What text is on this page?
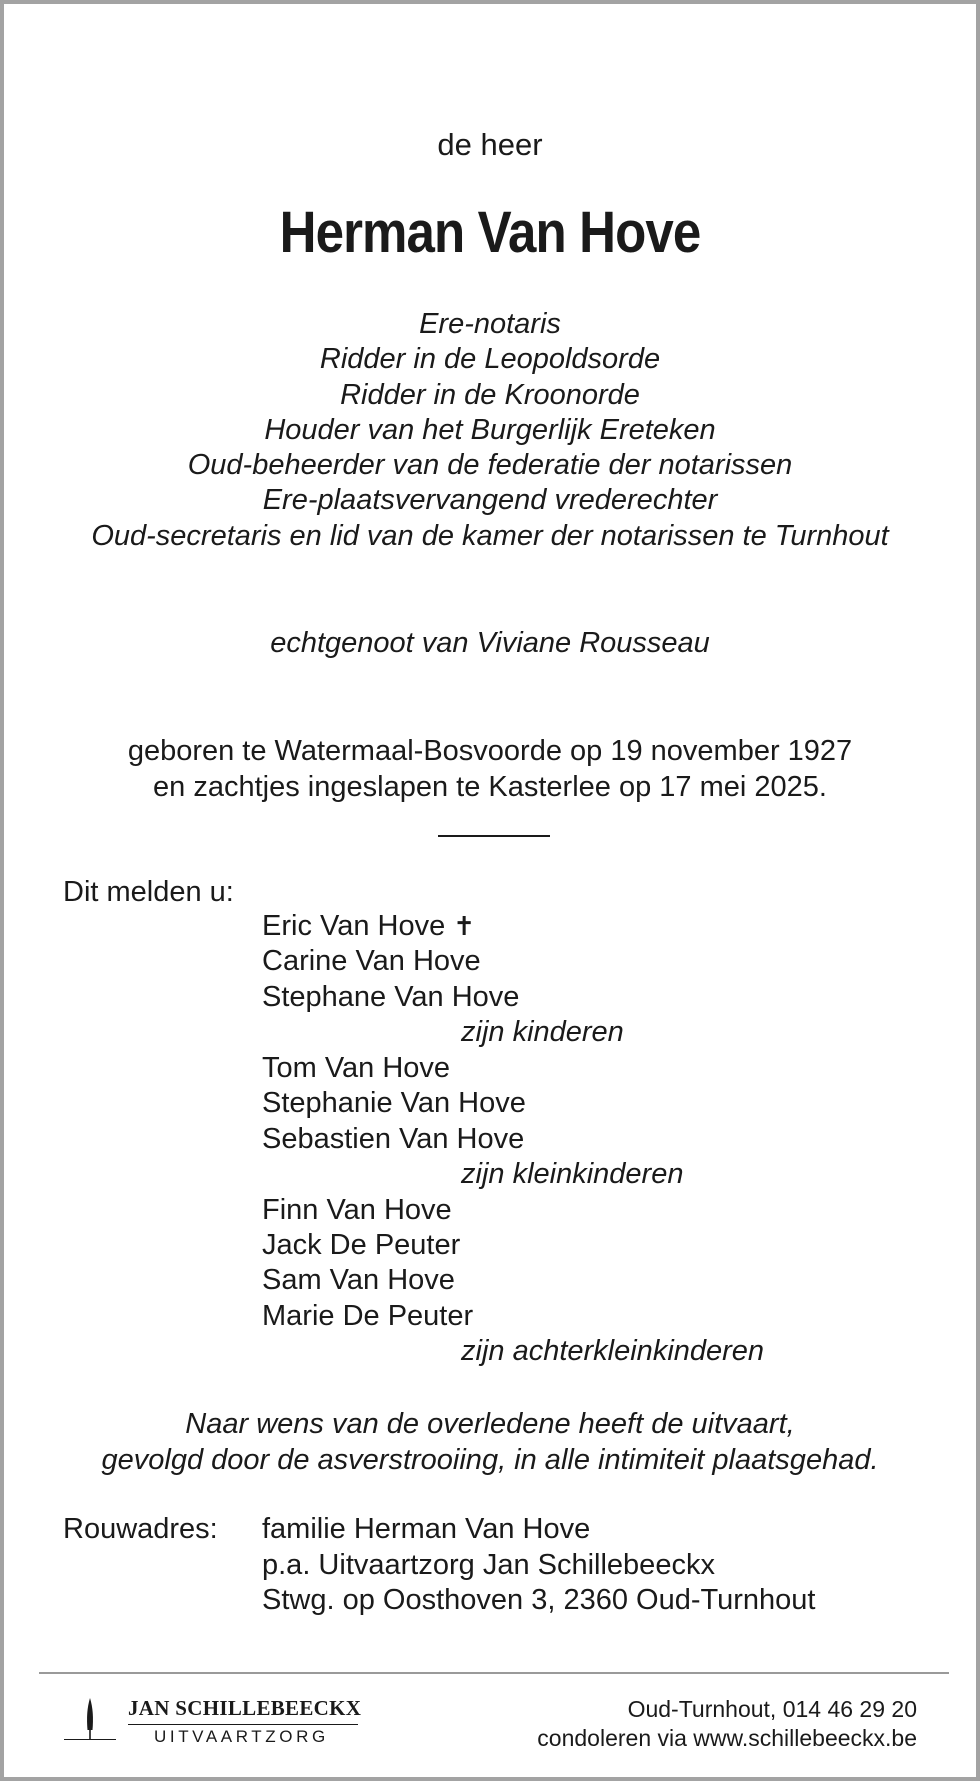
de heer
Herman Van Hove
Ere-notaris
Ridder in de Leopoldsorde
Ridder in de Kroonorde
Houder van het Burgerlijk Ereteken
Oud-beheerder van de federatie der notarissen
Ere-plaatsvervangend vrederechter
Oud-secretaris en lid van de kamer der notarissen te Turnhout
echtgenoot van Viviane Rousseau
geboren te Watermaal-Bosvoorde op 19 november 1927
en zachtjes ingeslapen te Kasterlee op 17 mei 2025.
Dit melden u:
Eric Van Hove ✝
Carine Van Hove
Stephane Van Hove
zijn kinderen
Tom Van Hove
Stephanie Van Hove
Sebastien Van Hove
zijn kleinkinderen
Finn Van Hove
Jack De Peuter
Sam Van Hove
Marie De Peuter
zijn achterkleinkinderen
Naar wens van de overledene heeft de uitvaart,
gevolgd door de asverstrooiing, in alle intimiteit plaatsgehad.
Rouwadres: familie Herman Van Hove
p.a. Uitvaartzorg Jan Schillebeeckx
Stwg. op Oosthoven 3, 2360 Oud-Turnhout
JAN SCHILLEBEECKX
UITVAARTZORG
Oud-Turnhout, 014 46 29 20
condoleren via www.schillebeeckx.be
